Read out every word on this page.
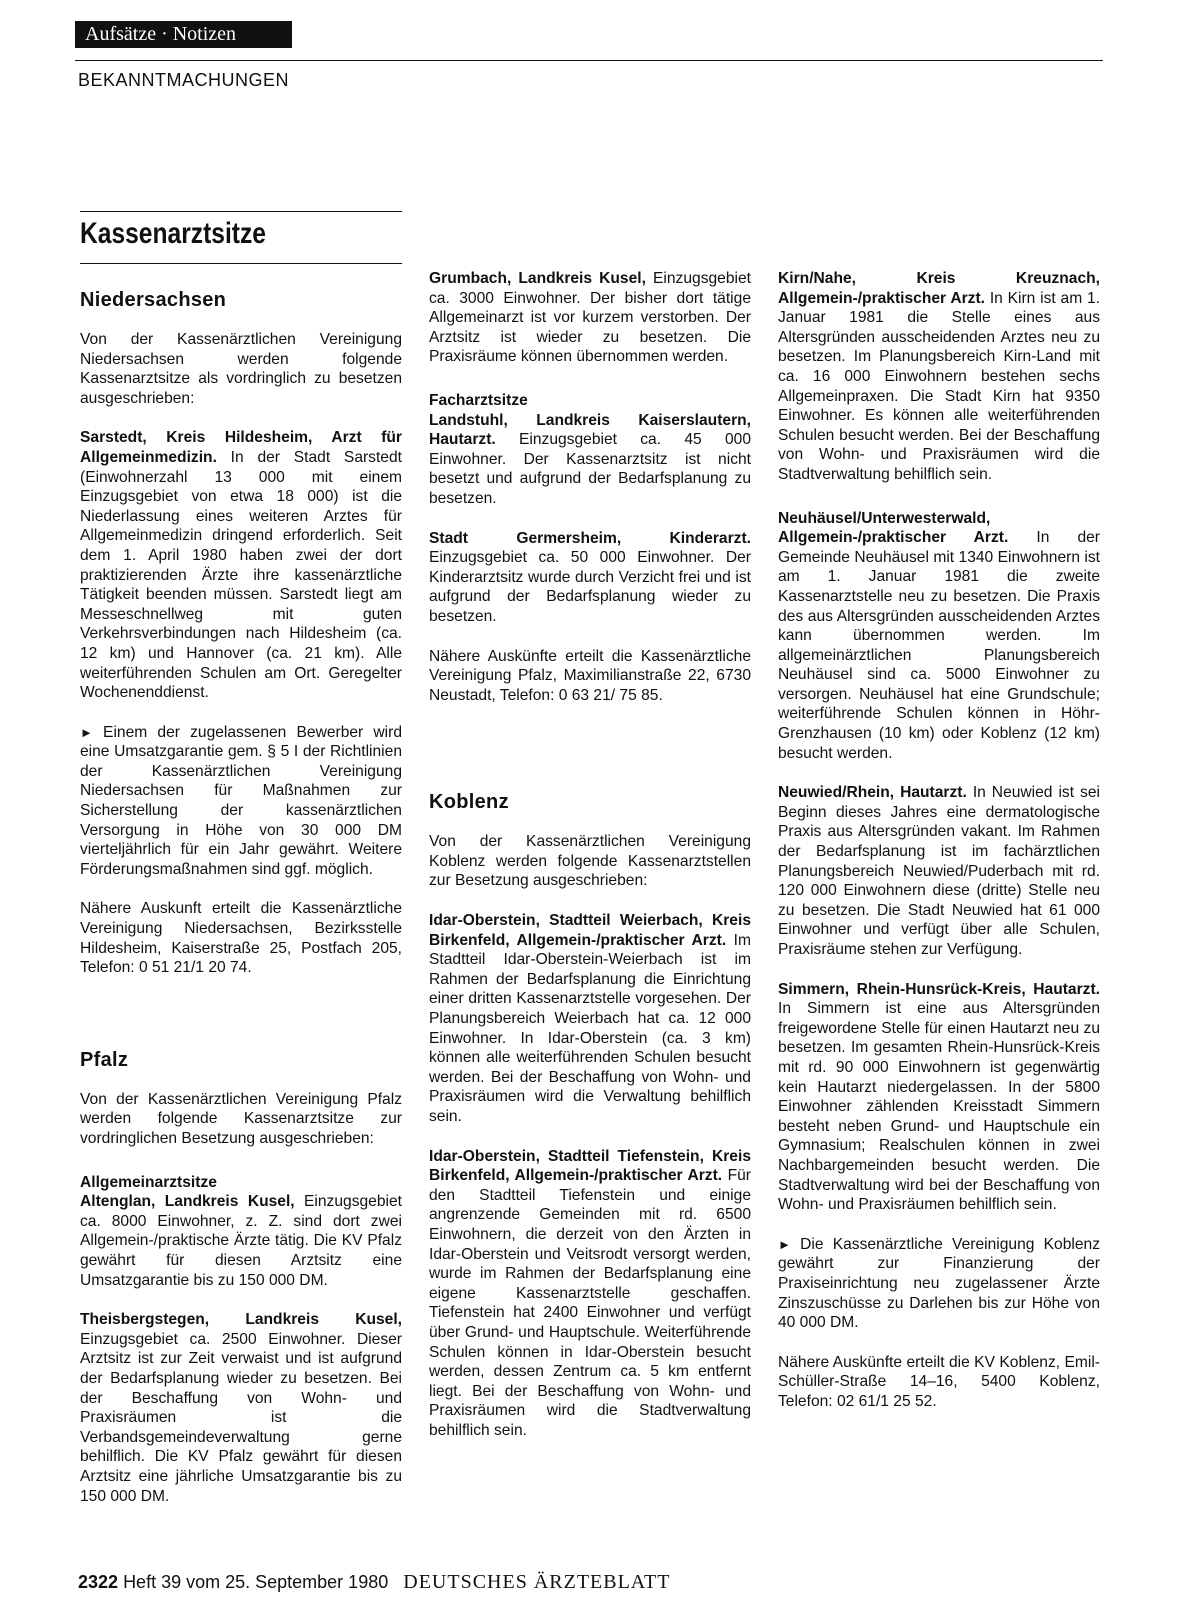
Aufsätze · Notizen
BEKANNTMACHUNGEN
Kassenarztsitze
Niedersachsen

Von der Kassenärztlichen Vereinigung Niedersachsen werden folgende Kassenarztsitze als vordringlich zu besetzen ausgeschrieben:

Sarstedt, Kreis Hildesheim, Arzt für Allgemeinmedizin. In der Stadt Sarstedt (Einwohnerzahl 13 000 mit einem Einzugsgebiet von etwa 18 000) ist die Niederlassung eines weiteren Arztes für Allgemeinmedizin dringend erforderlich. Seit dem 1. April 1980 haben zwei der dort praktizierenden Ärzte ihre kassenärztliche Tätigkeit beenden müssen. Sarstedt liegt am Messeschnellweg mit guten Verkehrsverbindungen nach Hildesheim (ca. 12 km) und Hannover (ca. 21 km). Alle weiterführenden Schulen am Ort. Geregelter Wochenenddienst.

► Einem der zugelassenen Bewerber wird eine Umsatzgarantie gem. § 5 I der Richtlinien der Kassenärztlichen Vereinigung Niedersachsen für Maßnahmen zur Sicherstellung der kassenärztlichen Versorgung in Höhe von 30 000 DM vierteljährlich für ein Jahr gewährt. Weitere Förderungsmaßnahmen sind ggf. möglich.

Nähere Auskunft erteilt die Kassenärztliche Vereinigung Niedersachsen, Bezirksstelle Hildesheim, Kaiserstraße 25, Postfach 205, Telefon: 0 51 21/1 20 74.

Pfalz

Von der Kassenärztlichen Vereinigung Pfalz werden folgende Kassenarztsitze zur vordringlichen Besetzung ausgeschrieben:

Allgemeinarztsitze

Altenglan, Landkreis Kusel, Einzugsgebiet ca. 8000 Einwohner, z. Z. sind dort zwei Allgemein-/praktische Ärzte tätig. Die KV Pfalz gewährt für diesen Arztsitz eine Umsatzgarantie bis zu 150 000 DM.

Theisbergstegen, Landkreis Kusel, Einzugsgebiet ca. 2500 Einwohner. Dieser Arztsitz ist zur Zeit verwaist und ist aufgrund der Bedarfsplanung wieder zu besetzen. Bei der Beschaffung von Wohn- und Praxisräumen ist die Verbandsgemeindeverwaltung gerne behilflich. Die KV Pfalz gewährt für diesen Arztsitz eine jährliche Umsatzgarantie bis zu 150 000 DM.

Grumbach, Landkreis Kusel, Einzugsgebiet ca. 3000 Einwohner. Der bisher dort tätige Allgemeinarzt ist vor kurzem verstorben. Der Arztsitz ist wieder zu besetzen. Die Praxisräume können übernommen werden.

Facharztsitze

Landstuhl, Landkreis Kaiserslautern, Hautarzt. Einzugsgebiet ca. 45 000 Einwohner. Der Kassenarztsitz ist nicht besetzt und aufgrund der Bedarfsplanung zu besetzen.

Stadt Germersheim, Kinderarzt. Einzugsgebiet ca. 50 000 Einwohner. Der Kinderarztsitz wurde durch Verzicht frei und ist aufgrund der Bedarfsplanung wieder zu besetzen.

Nähere Auskünfte erteilt die Kassenärztliche Vereinigung Pfalz, Maximilianstraße 22, 6730 Neustadt, Telefon: 0 63 21/ 75 85.

Koblenz

Von der Kassenärztlichen Vereinigung Koblenz werden folgende Kassenarztstellen zur Besetzung ausgeschrieben:

Idar-Oberstein, Stadtteil Weierbach, Kreis Birkenfeld, Allgemein-/praktischer Arzt. Im Stadtteil Idar-Oberstein-Weierbach ist im Rahmen der Bedarfsplanung die Einrichtung einer dritten Kassenarztstelle vorgesehen. Der Planungsbereich Weierbach hat ca. 12 000 Einwohner. In Idar-Oberstein (ca. 3 km) können alle weiterführenden Schulen besucht werden. Bei der Beschaffung von Wohn- und Praxisräumen wird die Verwaltung behilflich sein.

Idar-Oberstein, Stadtteil Tiefenstein, Kreis Birkenfeld, Allgemein-/praktischer Arzt. Für den Stadtteil Tiefenstein und einige angrenzende Gemeinden mit rd. 6500 Einwohnern, die derzeit von den Ärzten in Idar-Oberstein und Veitsrodt versorgt werden, wurde im Rahmen der Bedarfsplanung eine eigene Kassenarztstelle geschaffen. Tiefenstein hat 2400 Einwohner und verfügt über Grund- und Hauptschule. Weiterführende Schulen können in Idar-Oberstein besucht werden, dessen Zentrum ca. 5 km entfernt liegt. Bei der Beschaffung von Wohn- und Praxisräumen wird die Stadtverwaltung behilflich sein.

Kirn/Nahe, Kreis Kreuznach, Allgemein-/praktischer Arzt. In Kirn ist am 1. Januar 1981 die Stelle eines aus Altersgründen ausscheidenden Arztes neu zu besetzen. Im Planungsbereich Kirn-Land mit ca. 16 000 Einwohnern bestehen sechs Allgemeinpraxen. Die Stadt Kirn hat 9350 Einwohner. Es können alle weiterführenden Schulen besucht werden. Bei der Beschaffung von Wohn- und Praxisräumen wird die Stadtverwaltung behilflich sein.

Neuhäusel/Unterwesterwald, Allgemein-/praktischer Arzt. In der Gemeinde Neuhäusel mit 1340 Einwohnern ist am 1. Januar 1981 die zweite Kassenarztstelle neu zu besetzen. Die Praxis des aus Altersgründen ausscheidenden Arztes kann übernommen werden. Im allgemeinärztlichen Planungsbereich Neuhäusel sind ca. 5000 Einwohner zu versorgen. Neuhäusel hat eine Grundschule; weiterführende Schulen können in Höhr-Grenzhausen (10 km) oder Koblenz (12 km) besucht werden.

Neuwied/Rhein, Hautarzt. In Neuwied ist sei Beginn dieses Jahres eine dermatologische Praxis aus Altersgründen vakant. Im Rahmen der Bedarfsplanung ist im fachärztlichen Planungsbereich Neuwied/Puderbach mit rd. 120 000 Einwohnern diese (dritte) Stelle neu zu besetzen. Die Stadt Neuwied hat 61 000 Einwohner und verfügt über alle Schulen, Praxisräume stehen zur Verfügung.

Simmern, Rhein-Hunsrück-Kreis, Hautarzt. In Simmern ist eine aus Altersgründen freigewordene Stelle für einen Hautarzt neu zu besetzen. Im gesamten Rhein-Hunsrück-Kreis mit rd. 90 000 Einwohnern ist gegenwärtig kein Hautarzt niedergelassen. In der 5800 Einwohner zählenden Kreisstadt Simmern besteht neben Grund- und Hauptschule ein Gymnasium; Realschulen können in zwei Nachbargemeinden besucht werden. Die Stadtverwaltung wird bei der Beschaffung von Wohn- und Praxisräumen behilflich sein.

► Die Kassenärztliche Vereinigung Koblenz gewährt zur Finanzierung der Praxiseinrichtung neu zugelassener Ärzte Zinszuschüsse zu Darlehen bis zur Höhe von 40 000 DM.

Nähere Auskünfte erteilt die KV Koblenz, Emil-Schüller-Straße 14–16, 5400 Koblenz, Telefon: 02 61/1 25 52.

2322 Heft 39 vom 25. September 1980 DEUTSCHES ÄRZTEBLATT
